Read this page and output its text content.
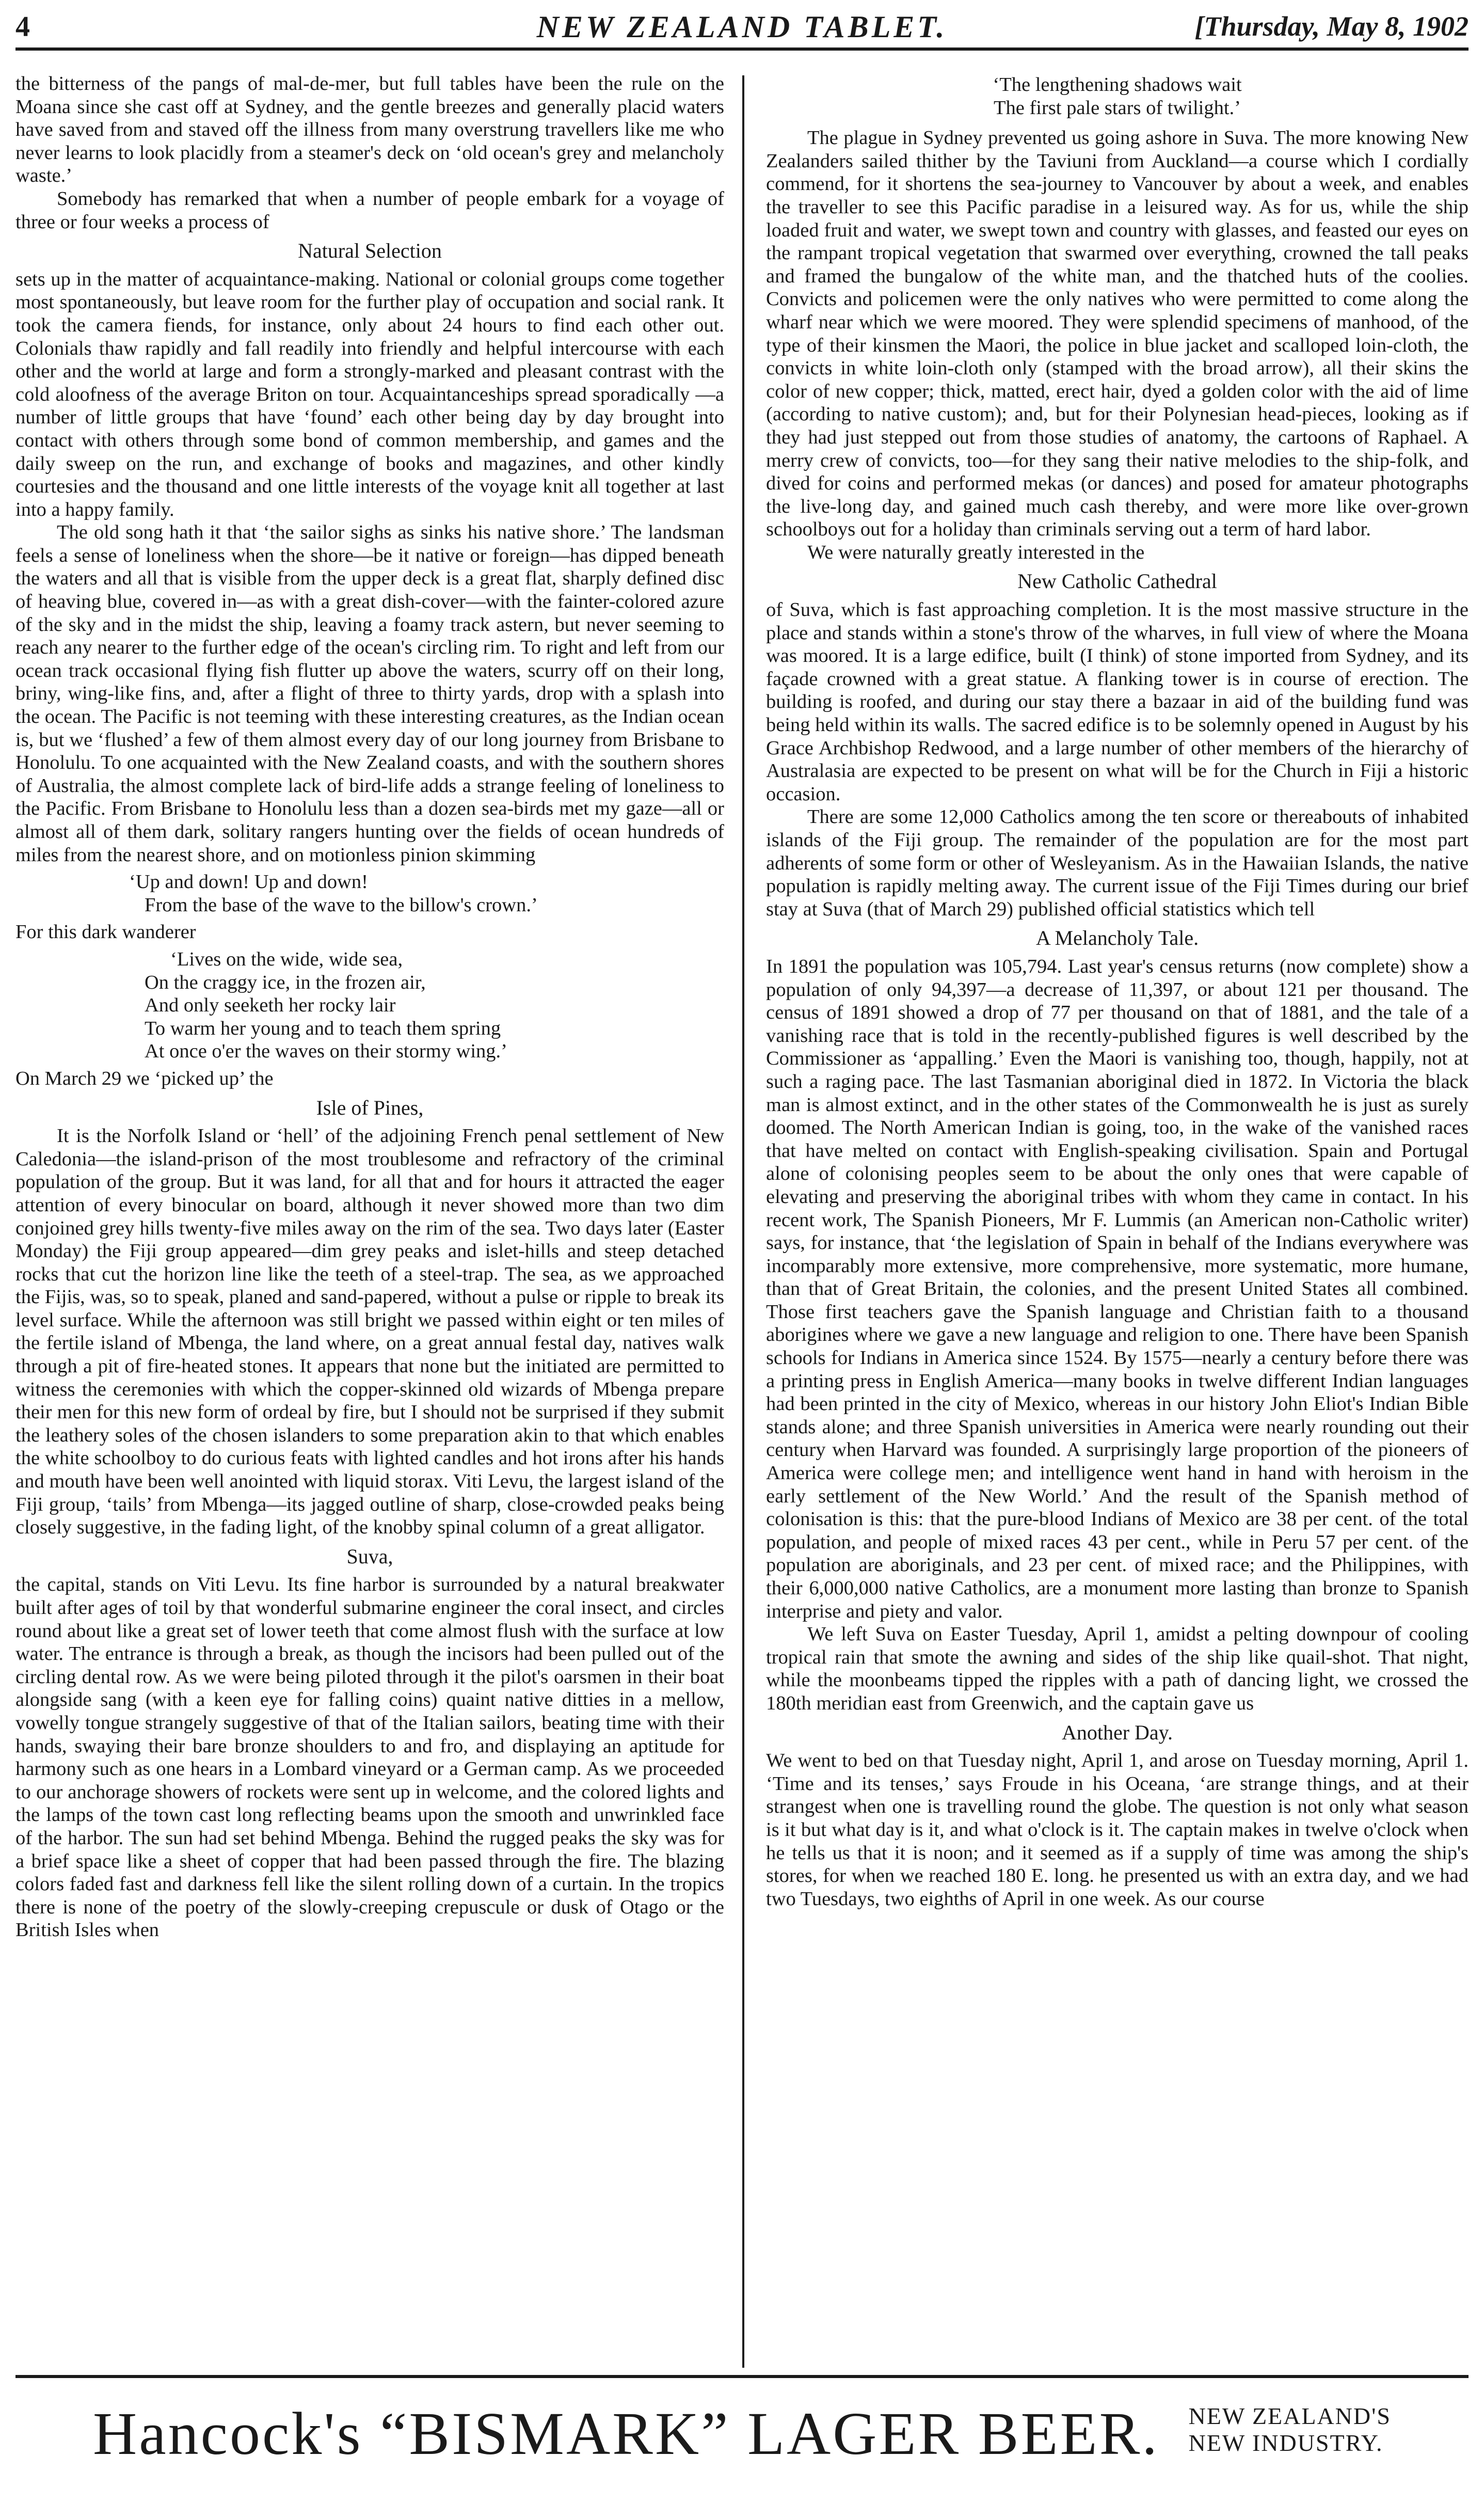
4	NEW ZEALAND TABLET.	[Thursday, May 8, 1902

the bitterness of the pangs of mal-de-mer, but full tables have been the rule on the Moana since she cast off at Sydney, and the gentle breezes and generally placid waters have saved from and staved off the illness from many overstrung travellers like me who never learns to look placidly from a steamer's deck on ‘old ocean's grey and melancholy waste.’

Somebody has remarked that when a number of people embark for a voyage of three or four weeks a process of

Natural Selection

sets up in the matter of acquaintance-making. National or colonial groups come together most spontaneously, but leave room for the further play of occupation and social rank. It took the camera fiends, for instance, only about 24 hours to find each other out. Colonials thaw rapidly and fall readily into friendly and helpful intercourse with each other and the world at large and form a strongly-marked and pleasant contrast with the cold aloofness of the average Briton on tour. Acquaintanceships spread sporadically —a number of little groups that have ‘found’ each other being day by day brought into contact with others through some bond of common membership, and games and the daily sweep on the run, and exchange of books and magazines, and other kindly courtesies and the thousand and one little interests of the voyage knit all together at last into a happy family.

The old song hath it that ‘the sailor sighs as sinks his native shore.’ The landsman feels a sense of loneliness when the shore—be it native or foreign—has dipped beneath the waters and all that is visible from the upper deck is a great flat, sharply defined disc of heaving blue, covered in—as with a great dish-cover—with the fainter-colored azure of the sky and in the midst the ship, leaving a foamy track astern, but never seeming to reach any nearer to the further edge of the ocean's circling rim. To right and left from our ocean track occasional flying fish flutter up above the waters, scurry off on their long, briny, wing-like fins, and, after a flight of three to thirty yards, drop with a splash into the ocean. The Pacific is not teeming with these interesting creatures, as the Indian ocean is, but we ‘flushed’ a few of them almost every day of our long journey from Brisbane to Honolulu. To one acquainted with the New Zealand coasts, and with the southern shores of Australia, the almost complete lack of bird-life adds a strange feeling of loneliness to the Pacific. From Brisbane to Honolulu less than a dozen sea-birds met my gaze—all or almost all of them dark, solitary rangers hunting over the fields of ocean hundreds of miles from the nearest shore, and on motionless pinion skimming

‘Up and down! Up and down!
From the base of the wave to the billow's crown.’

For this dark wanderer

‘Lives on the wide, wide sea,
On the craggy ice, in the frozen air,
And only seeketh her rocky lair
To warm her young and to teach them spring
At once o'er the waves on their stormy wing.’

On March 29 we ‘picked up’ the

Isle of Pines,

It is the Norfolk Island or ‘hell’ of the adjoining French penal settlement of New Caledonia—the island-prison of the most troublesome and refractory of the criminal population of the group. But it was land, for all that and for hours it attracted the eager attention of every binocular on board, although it never showed more than two dim conjoined grey hills twenty-five miles away on the rim of the sea. Two days later (Easter Monday) the Fiji group appeared—dim grey peaks and islet-hills and steep detached rocks that cut the horizon line like the teeth of a steel-trap. The sea, as we approached the Fijis, was, so to speak, planed and sand-papered, without a pulse or ripple to break its level surface. While the afternoon was still bright we passed within eight or ten miles of the fertile island of Mbenga, the land where, on a great annual festal day, natives walk through a pit of fire-heated stones. It appears that none but the initiated are permitted to witness the ceremonies with which the copper-skinned old wizards of Mbenga prepare their men for this new form of ordeal by fire, but I should not be surprised if they submit the leathery soles of the chosen islanders to some preparation akin to that which enables the white schoolboy to do curious feats with lighted candles and hot irons after his hands and mouth have been well anointed with liquid storax. Viti Levu, the largest island of the Fiji group, ‘tails’ from Mbenga—its jagged outline of sharp, close-crowded peaks being closely suggestive, in the fading light, of the knobby spinal column of a great alligator.

Suva,

the capital, stands on Viti Levu. Its fine harbor is surrounded by a natural breakwater built after ages of toil by that wonderful submarine engineer the coral insect, and circles round about like a great set of lower teeth that come almost flush with the surface at low water. The entrance is through a break, as though the incisors had been pulled out of the circling dental row. As we were being piloted through it the pilot's oarsmen in their boat alongside sang (with a keen eye for falling coins) quaint native ditties in a mellow, vowelly tongue strangely suggestive of that of the Italian sailors, beating time with their hands, swaying their bare bronze shoulders to and fro, and displaying an aptitude for harmony such as one hears in a Lombard vineyard or a German camp. As we proceeded to our anchorage showers of rockets were sent up in welcome, and the colored lights and the lamps of the town cast long reflecting beams upon the smooth and unwrinkled face of the harbor. The sun had set behind Mbenga. Behind the rugged peaks the sky was for a brief space like a sheet of copper that had been passed through the fire. The blazing colors faded fast and darkness fell like the silent rolling down of a curtain. In the tropics there is none of the poetry of the slowly-creeping crepuscule or dusk of Otago or the British Isles when

‘The lengthening shadows wait
The first pale stars of twilight.’

The plague in Sydney prevented us going ashore in Suva. The more knowing New Zealanders sailed thither by the Taviuni from Auckland—a course which I cordially commend, for it shortens the sea-journey to Vancouver by about a week, and enables the traveller to see this Pacific paradise in a leisured way. As for us, while the ship loaded fruit and water, we swept town and country with glasses, and feasted our eyes on the rampant tropical vegetation that swarmed over everything, crowned the tall peaks and framed the bungalow of the white man, and the thatched huts of the coolies. Convicts and policemen were the only natives who were permitted to come along the wharf near which we were moored. They were splendid specimens of manhood, of the type of their kinsmen the Maori, the police in blue jacket and scalloped loin-cloth, the convicts in white loin-cloth only (stamped with the broad arrow), all their skins the color of new copper; thick, matted, erect hair, dyed a golden color with the aid of lime (according to native custom); and, but for their Polynesian head-pieces, looking as if they had just stepped out from those studies of anatomy, the cartoons of Raphael. A merry crew of convicts, too—for they sang their native melodies to the ship-folk, and dived for coins and performed mekas (or dances) and posed for amateur photographs the live-long day, and gained much cash thereby, and were more like over-grown schoolboys out for a holiday than criminals serving out a term of hard labor.

We were naturally greatly interested in the

New Catholic Cathedral

of Suva, which is fast approaching completion. It is the most massive structure in the place and stands within a stone's throw of the wharves, in full view of where the Moana was moored. It is a large edifice, built (I think) of stone imported from Sydney, and its façade crowned with a great statue. A flanking tower is in course of erection. The building is roofed, and during our stay there a bazaar in aid of the building fund was being held within its walls. The sacred edifice is to be solemnly opened in August by his Grace Archbishop Redwood, and a large number of other members of the hierarchy of Australasia are expected to be present on what will be for the Church in Fiji a historic occasion.

There are some 12,000 Catholics among the ten score or thereabouts of inhabited islands of the Fiji group. The remainder of the population are for the most part adherents of some form or other of Wesleyanism. As in the Hawaiian Islands, the native population is rapidly melting away. The current issue of the Fiji Times during our brief stay at Suva (that of March 29) published official statistics which tell

A Melancholy Tale.

In 1891 the population was 105,794. Last year's census returns (now complete) show a population of only 94,397—a decrease of 11,397, or about 121 per thousand. The census of 1891 showed a drop of 77 per thousand on that of 1881, and the tale of a vanishing race that is told in the recently-published figures is well described by the Commissioner as ‘appalling.’ Even the Maori is vanishing too, though, happily, not at such a raging pace. The last Tasmanian aboriginal died in 1872. In Victoria the black man is almost extinct, and in the other states of the Commonwealth he is just as surely doomed. The North American Indian is going, too, in the wake of the vanished races that have melted on contact with English-speaking civilisation. Spain and Portugal alone of colonising peoples seem to be about the only ones that were capable of elevating and preserving the aboriginal tribes with whom they came in contact. In his recent work, The Spanish Pioneers, Mr F. Lummis (an American non-Catholic writer) says, for instance, that ‘the legislation of Spain in behalf of the Indians everywhere was incomparably more extensive, more comprehensive, more systematic, more humane, than that of Great Britain, the colonies, and the present United States all combined. Those first teachers gave the Spanish language and Christian faith to a thousand aborigines where we gave a new language and religion to one. There have been Spanish schools for Indians in America since 1524. By 1575—nearly a century before there was a printing press in English America—many books in twelve different Indian languages had been printed in the city of Mexico, whereas in our history John Eliot's Indian Bible stands alone; and three Spanish universities in America were nearly rounding out their century when Harvard was founded. A surprisingly large proportion of the pioneers of America were college men; and intelligence went hand in hand with heroism in the early settlement of the New World.’ And the result of the Spanish method of colonisation is this: that the pure-blood Indians of Mexico are 38 per cent. of the total population, and people of mixed races 43 per cent., while in Peru 57 per cent. of the population are aboriginals, and 23 per cent. of mixed race; and the Philippines, with their 6,000,000 native Catholics, are a monument more lasting than bronze to Spanish interprise and piety and valor.

We left Suva on Easter Tuesday, April 1, amidst a pelting downpour of cooling tropical rain that smote the awning and sides of the ship like quail-shot. That night, while the moonbeams tipped the ripples with a path of dancing light, we crossed the 180th meridian east from Greenwich, and the captain gave us

Another Day.

We went to bed on that Tuesday night, April 1, and arose on Tuesday morning, April 1. ‘Time and its tenses,’ says Froude in his Oceana, ‘are strange things, and at their strangest when one is travelling round the globe. The question is not only what season is it but what day is it, and what o'clock is it. The captain makes in twelve o'clock when he tells us that it is noon; and it seemed as if a supply of time was among the ship's stores, for when we reached 180 E. long. he presented us with an extra day, and we had two Tuesdays, two eighths of April in one week. As our course

Hancock's “BISMARK” LAGER BEER. NEW ZEALAND'S
NEW INDUSTRY.
